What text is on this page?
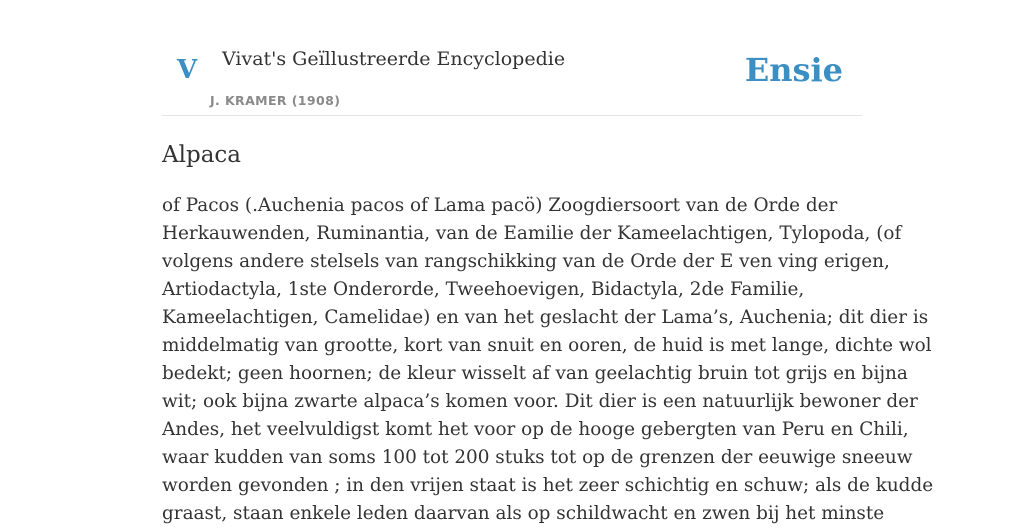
V Vivat's Geïllustreerde Encyclopedie
J. KRAMER (1908)
Ensie
Alpaca
of Pacos (.Auchenia pacos of Lama pacö) Zoogdiersoort van de Orde der
Herkauwenden, Ruminantia, van de Eamilie der Kameelachtigen, Tylopoda, (of
volgens andere stelsels van rangschikking van de Orde der E ven ving erigen,
Artiodactyla, 1ste Onderorde, Tweehoevigen, Bidactyla, 2de Familie,
Kameelachtigen, Camelidae) en van het geslacht der Lama’s, Auchenia; dit dier is
middelmatig van grootte, kort van snuit en ooren, de huid is met lange, dichte wol
bedekt; geen hoornen; de kleur wisselt af van geelachtig bruin tot grijs en bijna
wit; ook bijna zwarte alpaca’s komen voor. Dit dier is een natuurlijk bewoner der
Andes, het veelvuldigst komt het voor op de hooge gebergten van Peru en Chili,
waar kudden van soms 100 tot 200 stuks tot op de grenzen der eeuwige sneeuw
worden gevonden ; in den vrijen staat is het zeer schichtig en schuw; als de kudde
graast, staan enkele leden daarvan als op schildwacht en zwen bij het minste
